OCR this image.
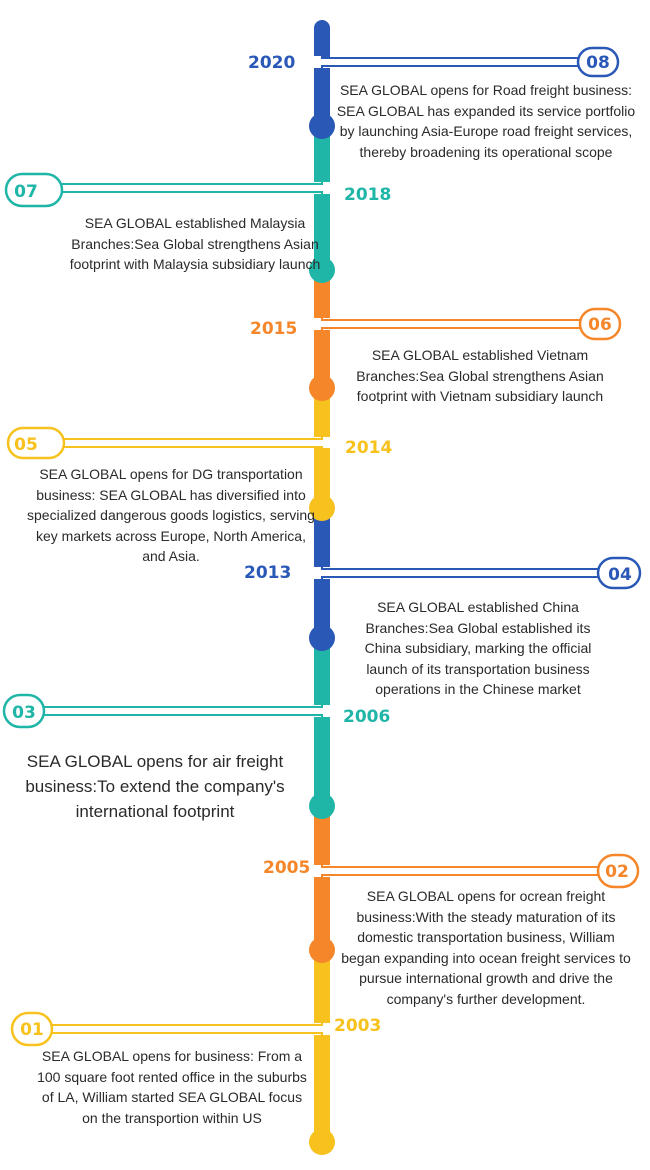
08
07
06
05
04
03
02
01
2020
2018
2015
2014
2013
2006
2005
2003
SEA GLOBAL opens for Road freight business: SEA GLOBAL has expanded its service portfolio by launching Asia-Europe road freight services, thereby broadening its operational scope
SEA GLOBAL established Malaysia Branches:Sea Global strengthens Asian footprint with Malaysia subsidiary launch
SEA GLOBAL established Vietnam Branches:Sea Global strengthens Asian footprint with Vietnam subsidiary launch
SEA GLOBAL opens for DG transportation business: SEA GLOBAL has diversified into specialized dangerous goods logistics, serving key markets across Europe, North America, and Asia.
SEA GLOBAL established China Branches:Sea Global established its China subsidiary, marking the official launch of its transportation business operations in the Chinese market
SEA GLOBAL opens for air freight business:To extend the company's international footprint
SEA GLOBAL opens for ocrean freight business:With the steady maturation of its domestic transportation business, William began expanding into ocean freight services to pursue international growth and drive the company's further development.
SEA GLOBAL opens for business: From a 100 square foot rented office in the suburbs of LA, William started SEA GLOBAL focus on the transportion within US
